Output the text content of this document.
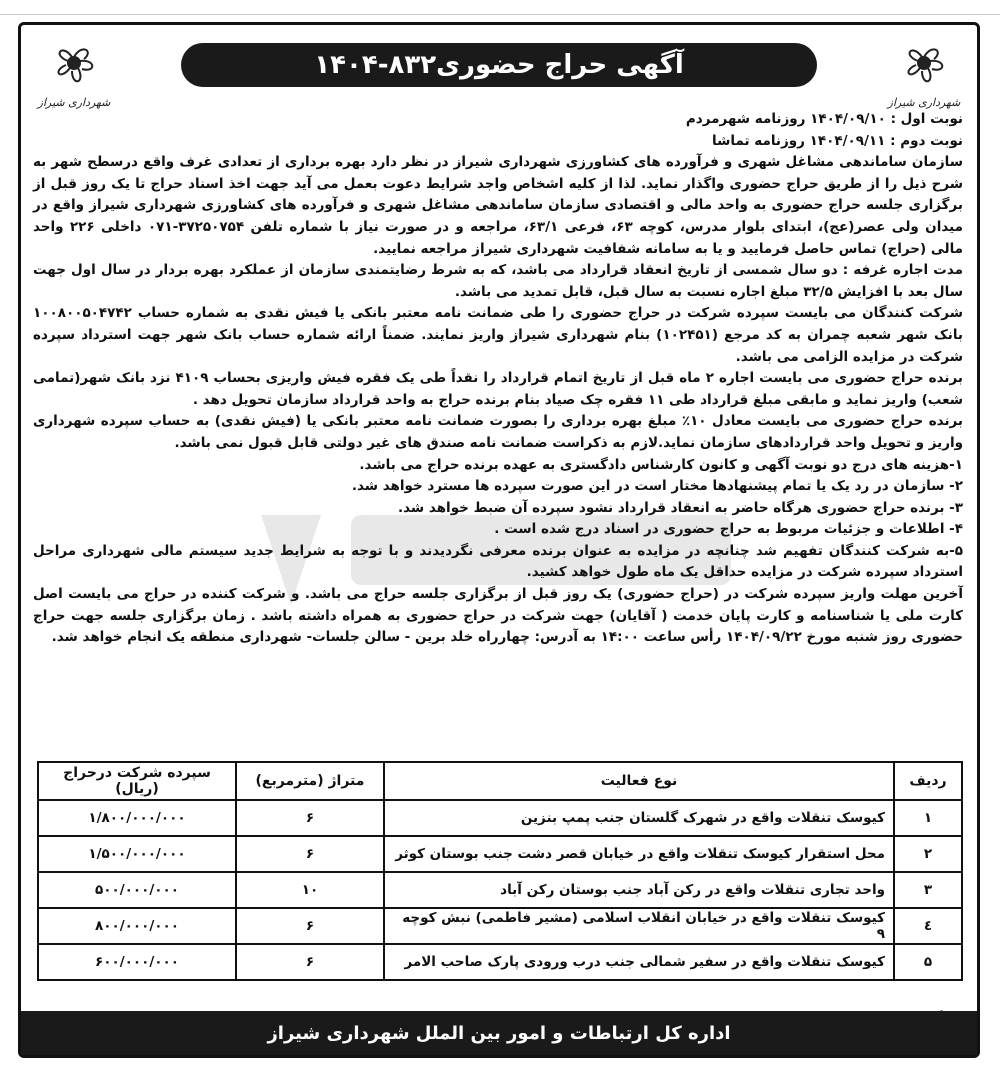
شهرداری شیراز
آگهی حراج حضوری۸۳۲-۱۴۰۴
شهرداری شیراز

نوبت اول : ۱۴۰۴/۰۹/۱۰ روزنامه شهرمردم

نوبت دوم : ۱۴۰۴/۰۹/۱۱ روزنامه تماشا

سازمان ساماندهی مشاغل شهری و فرآورده های کشاورزی شهرداری شیراز در نظر دارد بهره برداری از تعدادی غرف واقع درسطح شهر به شرح ذیل را از طریق حراج حضوری واگذار نماید. لذا از کلیه اشخاص واجد شرایط دعوت بعمل می آید جهت اخذ اسناد حراج تا یک روز قبل از برگزاری جلسه حراج حضوری به واحد مالی و اقتصادی سازمان ساماندهی مشاغل شهری و فرآورده های کشاورزی شهرداری شیراز واقع در میدان ولی عصر(عج)، ابتدای بلوار مدرس، کوچه ۶۳، فرعی ۶۳/۱، مراجعه و در صورت نیاز با شماره تلفن ۳۷۲۵۰۷۵۴-۰۷۱ داخلی ۲۲۶ واحد مالی (حراج) تماس حاصل فرمایید و یا به سامانه شفافیت شهرداری شیراز مراجعه نمایید.

مدت اجاره غرفه : دو سال شمسی از تاریخ انعقاد قرارداد می باشد، که به شرط رضایتمندی سازمان از عملکرد بهره بردار در سال اول جهت سال بعد با افزایش ۳۲/۵ مبلغ اجاره نسبت به سال قبل، قابل تمدید می باشد.

شرکت کنندگان می بایست سپرده شرکت در حراج حضوری را طی ضمانت نامه معتبر بانکی یا فیش نقدی به شماره حساب ۱۰۰۸۰۰۵۰۴۷۴۲ بانک شهر شعبه چمران به کد مرجع (۱۰۲۴۵۱) بنام شهرداری شیراز واریز نمایند. ضمناً ارائه شماره حساب بانک شهر جهت استرداد سپرده شرکت در مزایده الزامی می باشد.

برنده حراج حضوری می بایست اجاره ۲ ماه قبل از تاریخ اتمام قرارداد را نقداً طی یک فقره فیش واریزی بحساب ۴۱۰۹ نزد بانک شهر(تمامی شعب) واریز نماید و مابقی مبلغ قرارداد طی ۱۱ فقره چک صیاد بنام برنده حراج به واحد قرارداد سازمان تحویل دهد .

برنده حراج حضوری می بایست معادل ۱۰٪ مبلغ بهره برداری را بصورت ضمانت نامه معتبر بانکی یا (فیش نقدی) به حساب سپرده شهرداری واریز و تحویل واحد قراردادهای سازمان نماید.لازم به ذکراست ضمانت نامه صندق های غیر دولتی قابل قبول نمی باشد.

۱-هزینه های درج دو نوبت آگهی و کانون کارشناس دادگستری به عهده برنده حراج می باشد.

۲- سازمان در رد یک یا تمام پیشنهادها مختار است در این صورت سپرده ها مسترد خواهد شد.

۳- برنده حراج حضوری هرگاه حاضر به انعقاد قرارداد نشود سپرده آن ضبط خواهد شد.

۴- اطلاعات و جزئیات مربوط به حراج حضوری در اسناد درج شده است .

۵-به شرکت کنندگان تفهیم شد چنانچه در مزایده به عنوان برنده معرفی نگردیدند و با توجه به شرایط جدید سیستم مالی شهرداری مراحل استرداد سپرده شرکت در مزایده حداقل یک ماه طول خواهد کشید.

آخرین مهلت واریز سپرده شرکت در (حراج حضوری) یک روز قبل از برگزاری جلسه حراج می باشد. و شرکت کننده در حراج می بایست اصل کارت ملی یا شناسنامه و کارت پایان خدمت ( آقایان) جهت شرکت در حراج حضوری به همراه داشته باشد . زمان برگزاری جلسه جهت حراج حضوری روز شنبه مورخ ۱۴۰۴/۰۹/۲۲ رأس ساعت ۱۴:۰۰ به آدرس: چهارراه خلد برین - سالن جلسات- شهرداری منطقه یک انجام خواهد شد.

ردیف	نوع فعالیت	متراژ (مترمربع)	سپرده شرکت درحراج (ریال)
۱	کیوسک تنقلات واقع در شهرک گلستان جنب پمپ بنزین	۶	۱/۸۰۰/۰۰۰/۰۰۰
۲	محل استقرار کیوسک تنقلات واقع در خیابان قصر دشت جنب بوستان کوثر	۶	۱/۵۰۰/۰۰۰/۰۰۰
۳	واحد تجاری تنقلات واقع در رکن آباد جنب بوستان رکن آباد	۱۰	۵۰۰/۰۰۰/۰۰۰
٤	کیوسک تنقلات واقع در خیابان انقلاب اسلامی (مشیر فاطمی) نبش کوچه ۹	۶	۸۰۰/۰۰۰/۰۰۰
۵	کیوسک تنقلات واقع در سفیر شمالی جنب درب ورودی پارک صاحب الامر	۶	۶۰۰/۰۰۰/۰۰۰
اداره کل ارتباطات و امور بین الملل شهرداری شیراز
